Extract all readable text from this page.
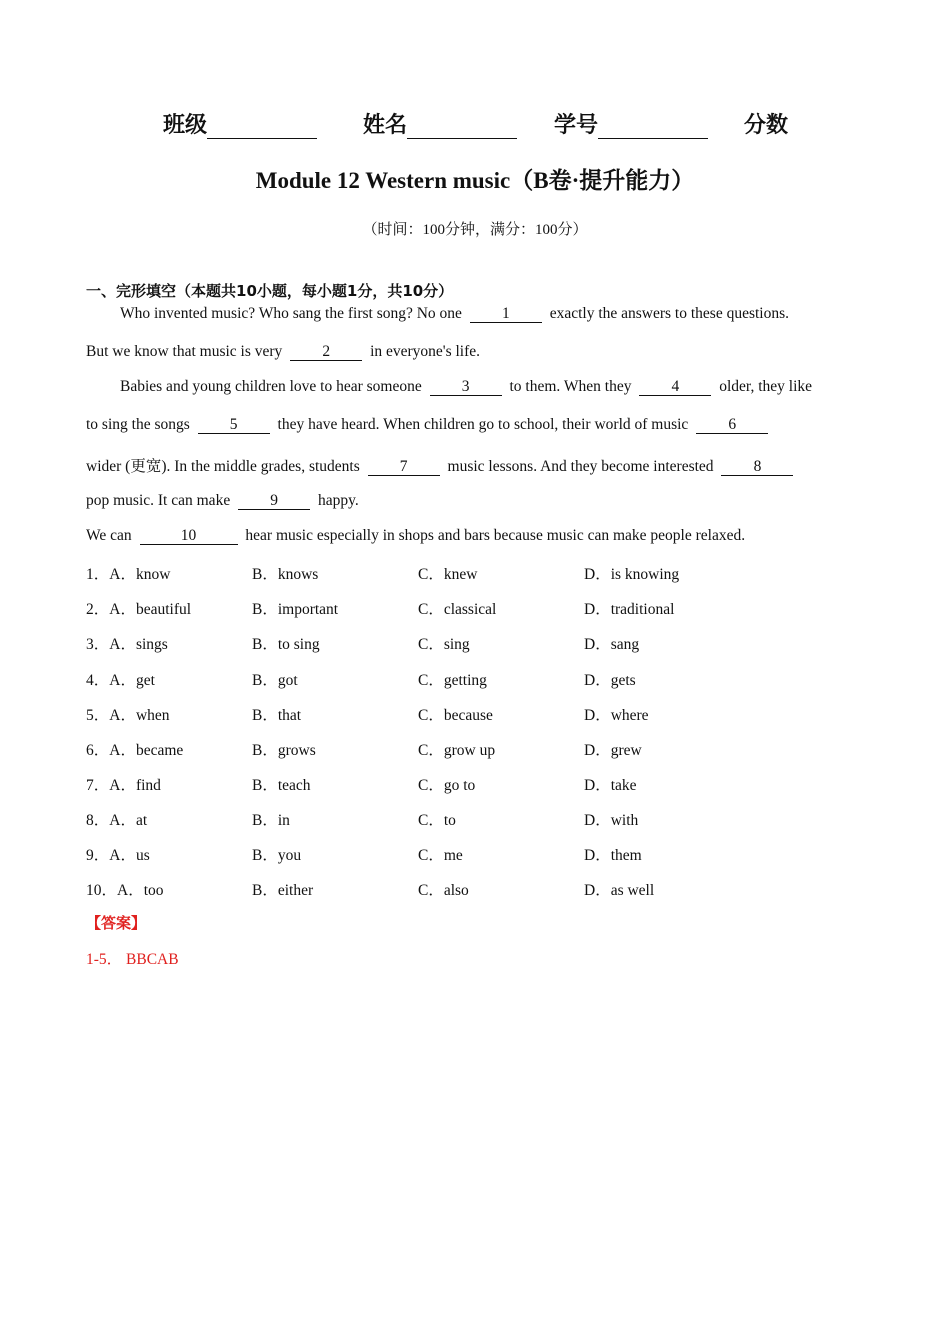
班级	姓名	学号	分数
Module 12 Western music（B卷·提升能力）
（时间：100分钟，满分：100分）
一、完形填空（本题共10小题，每小题1分，共10分）
Who invented music? Who sang the first song? No one	1	exactly the answers to these questions.
But we know that music is very	2	in everyone's life.
Babies and young children love to hear someone	3	to them. When they	4	older, they like
to sing the songs	5	they have heard. When children go to school, their world of music	6
wider (更宽). In the middle grades, students	7	music lessons. And they become interested	8
pop music. It can make	9	happy.
We can	10	hear music especially in shops and bars because music can make people relaxed.
1．A．know	B．knows	C．knew	D．is knowing
2．A．beautiful	B．important	C．classical	D．traditional
3．A．sings	B．to sing	C．sing	D．sang
4．A．get	B．got	C．getting	D．gets
5．A．when	B．that	C．because	D．where
6．A．became	B．grows	C．grow up	D．grew
7．A．find	B．teach	C．go to	D．take
8．A．at	B．in	C．to	D．with
9．A．us	B．you	C．me	D．them
10．A．too	B．either	C．also	D．as well
【答案】
1-5． BBCAB
